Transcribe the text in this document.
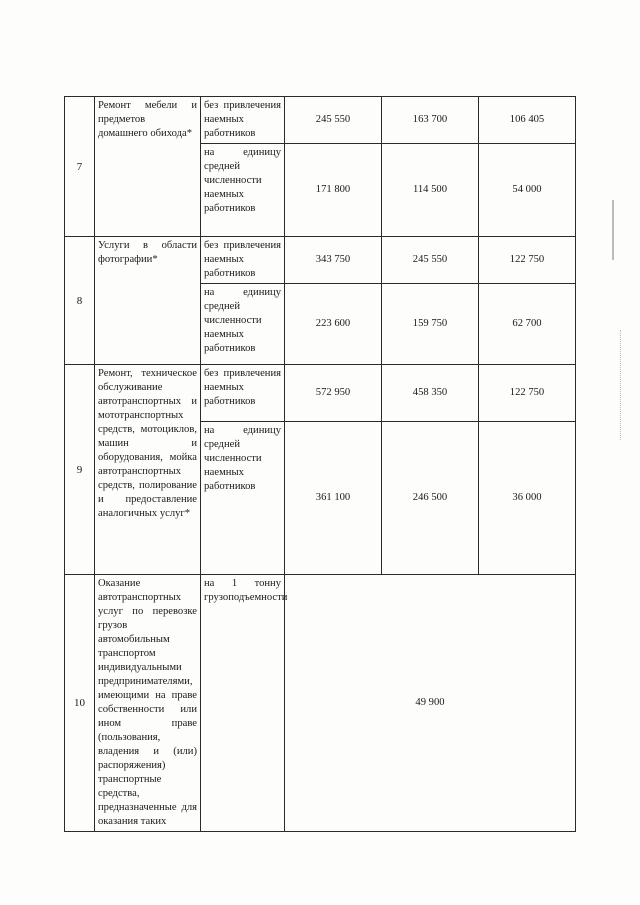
7	Ремонт мебели и предметов домашнего обихода*	без привлечения наемных работников	245 550	163 700	106 405
		на единицу средней численности наемных работников	171 800	114 500	54 000
8	Услуги в области фотографии*	без привлечения наемных работников	343 750	245 550	122 750
		на единицу средней численности наемных работников	223 600	159 750	62 700
9	Ремонт, техническое обслуживание автотранспортных и мототранспортных средств, мотоциклов, машин и оборудования, мойка автотранспортных средств, полирование и предоставление аналогичных услуг*	без привлечения наемных работников	572 950	458 350	122 750
		на единицу средней численности наемных работников	361 100	246 500	36 000
10	Оказание автотранспортных услуг по перевозке грузов автомобильным транспортом индивидуальными предпринимателями, имеющими на праве собственности или ином праве (пользования, владения и (или) распоряжения) транспортные средства, предназначенные для оказания таких	на 1 тонну грузоподъемности	49 900		
